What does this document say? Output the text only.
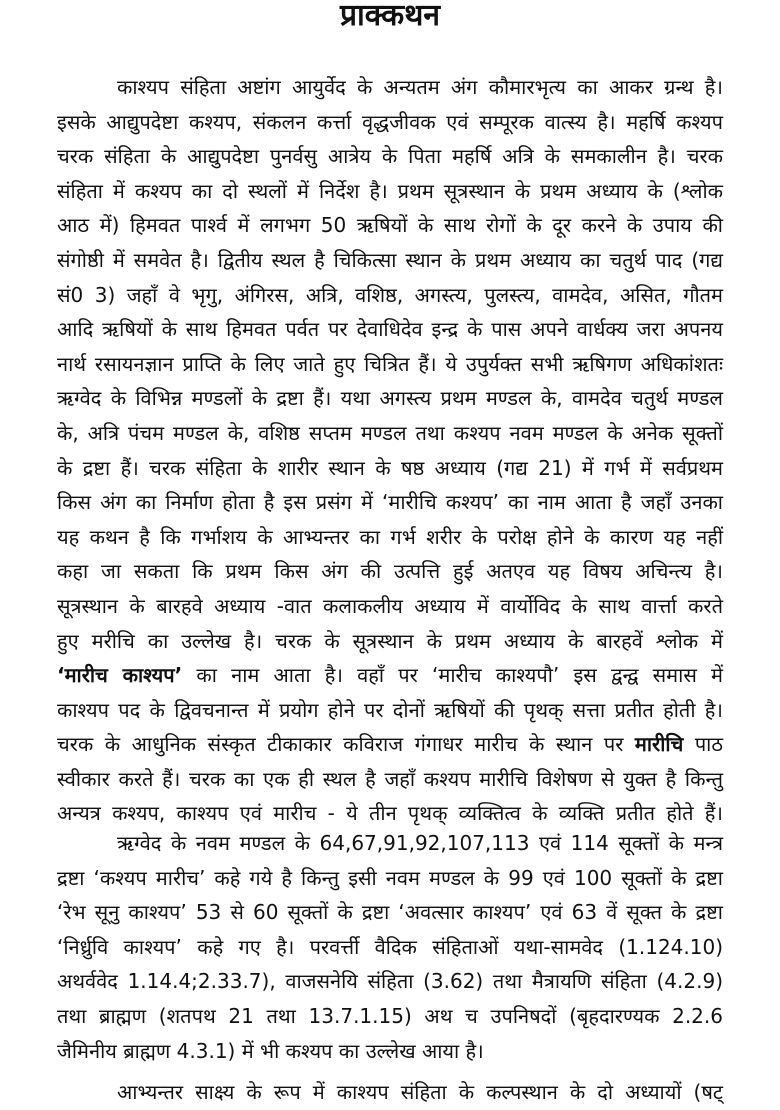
प्राक्कथन
काश्यप संहिता अष्टांग आयुर्वेद के अन्यतम अंग कौमारभृत्य का आकर ग्रन्थ है।
इसके आद्युपदेष्टा कश्यप, संकलन कर्त्ता वृद्धजीवक एवं सम्पूरक वात्स्य है। महर्षि कश्यप
चरक संहिता के आद्युपदेष्टा पुनर्वसु आत्रेय के पिता महर्षि अत्रि के समकालीन है। चरक
संहिता में कश्यप का दो स्थलों में निर्देश है। प्रथम सूत्रस्थान के प्रथम अध्याय के (श्लोक
आठ में) हिमवत पार्श्व में लगभग 50 ऋषियों के साथ रोगों के दूर करने के उपाय की
संगोष्ठी में समवेत है। द्वितीय स्थल है चिकित्सा स्थान के प्रथम अध्याय का चतुर्थ पाद (गद्य
सं0 3) जहाँ वे भृगु, अंगिरस, अत्रि, वशिष्ठ, अगस्त्य, पुलस्त्य, वामदेव, असित, गौतम
आदि ऋषियों के साथ हिमवत पर्वत पर देवाधिदेव इन्द्र के पास अपने वार्धक्य जरा अपनय
नार्थ रसायनज्ञान प्राप्ति के लिए जाते हुए चित्रित हैं। ये उपुर्यक्त सभी ऋषिगण अधिकांशतः
ऋग्वेद के विभिन्न मण्डलों के द्रष्टा हैं। यथा अगस्त्य प्रथम मण्डल के, वामदेव चतुर्थ मण्डल
के, अत्रि पंचम मण्डल के, वशिष्ठ सप्तम मण्डल तथा कश्यप नवम मण्डल के अनेक सूक्तों
के द्रष्टा हैं। चरक संहिता के शारीर स्थान के षष्ठ अध्याय (गद्य 21) में गर्भ में सर्वप्रथम
किस अंग का निर्माण होता है इस प्रसंग में ‘मारीचि कश्यप’ का नाम आता है जहाँ उनका
यह कथन है कि गर्भाशय के आभ्यन्तर का गर्भ शरीर के परोक्ष होने के कारण यह नहीं
कहा जा सकता कि प्रथम किस अंग की उत्पत्ति हुई अतएव यह विषय अचिन्त्य है।
सूत्रस्थान के बारहवे अध्याय -वात कलाकलीय अध्याय में वार्योविद के साथ वार्त्ता करते
हुए मरीचि का उल्लेख है। चरक के सूत्रस्थान के प्रथम अध्याय के बारहवें श्लोक में
‘मारीच काश्यप’ का नाम आता है। वहाँ पर ‘मारीच काश्यपौ’ इस द्वन्द्व समास में
काश्यप पद के द्विवचनान्त में प्रयोग होने पर दोनों ऋषियों की पृथक् सत्ता प्रतीत होती है।
चरक के आधुनिक संस्कृत टीकाकार कविराज गंगाधर मारीच के स्थान पर मारीचि पाठ
स्वीकार करते हैं। चरक का एक ही स्थल है जहाँ कश्यप मारीचि विशेषण से युक्त है किन्तु
अन्यत्र कश्यप, काश्यप एवं मारीच - ये तीन पृथक् व्यक्तित्व के व्यक्ति प्रतीत होते हैं।
ऋग्वेद के नवम मण्डल के 64,67,91,92,107,113 एवं 114 सूक्तों के मन्त्र
द्रष्टा ‘कश्यप मारीच’ कहे गये है किन्तु इसी नवम मण्डल के 99 एवं 100 सूक्तों के द्रष्टा
‘रेभ सूनु काश्यप’ 53 से 60 सूक्तों के द्रष्टा ‘अवत्सार काश्यप’ एवं 63 वें सूक्त के द्रष्टा
‘निर्ध्रुवि काश्यप’ कहे गए है। परवर्त्ती वैदिक संहिताओं यथा-सामवेद (1.124.10)
अथर्ववेद 1.14.4;2.33.7), वाजसनेयि संहिता (3.62) तथा मैत्रायणि संहिता (4.2.9)
तथा ब्राह्मण (शतपथ 21 तथा 13.7.1.15) अथ च उपनिषदों (बृहदारण्यक 2.2.6
जैमिनीय ब्राह्मण 4.3.1) में भी कश्यप का उल्लेख आया है।
आभ्यन्तर साक्ष्य के रूप में काश्यप संहिता के कल्पस्थान के दो अध्यायों (षट्
